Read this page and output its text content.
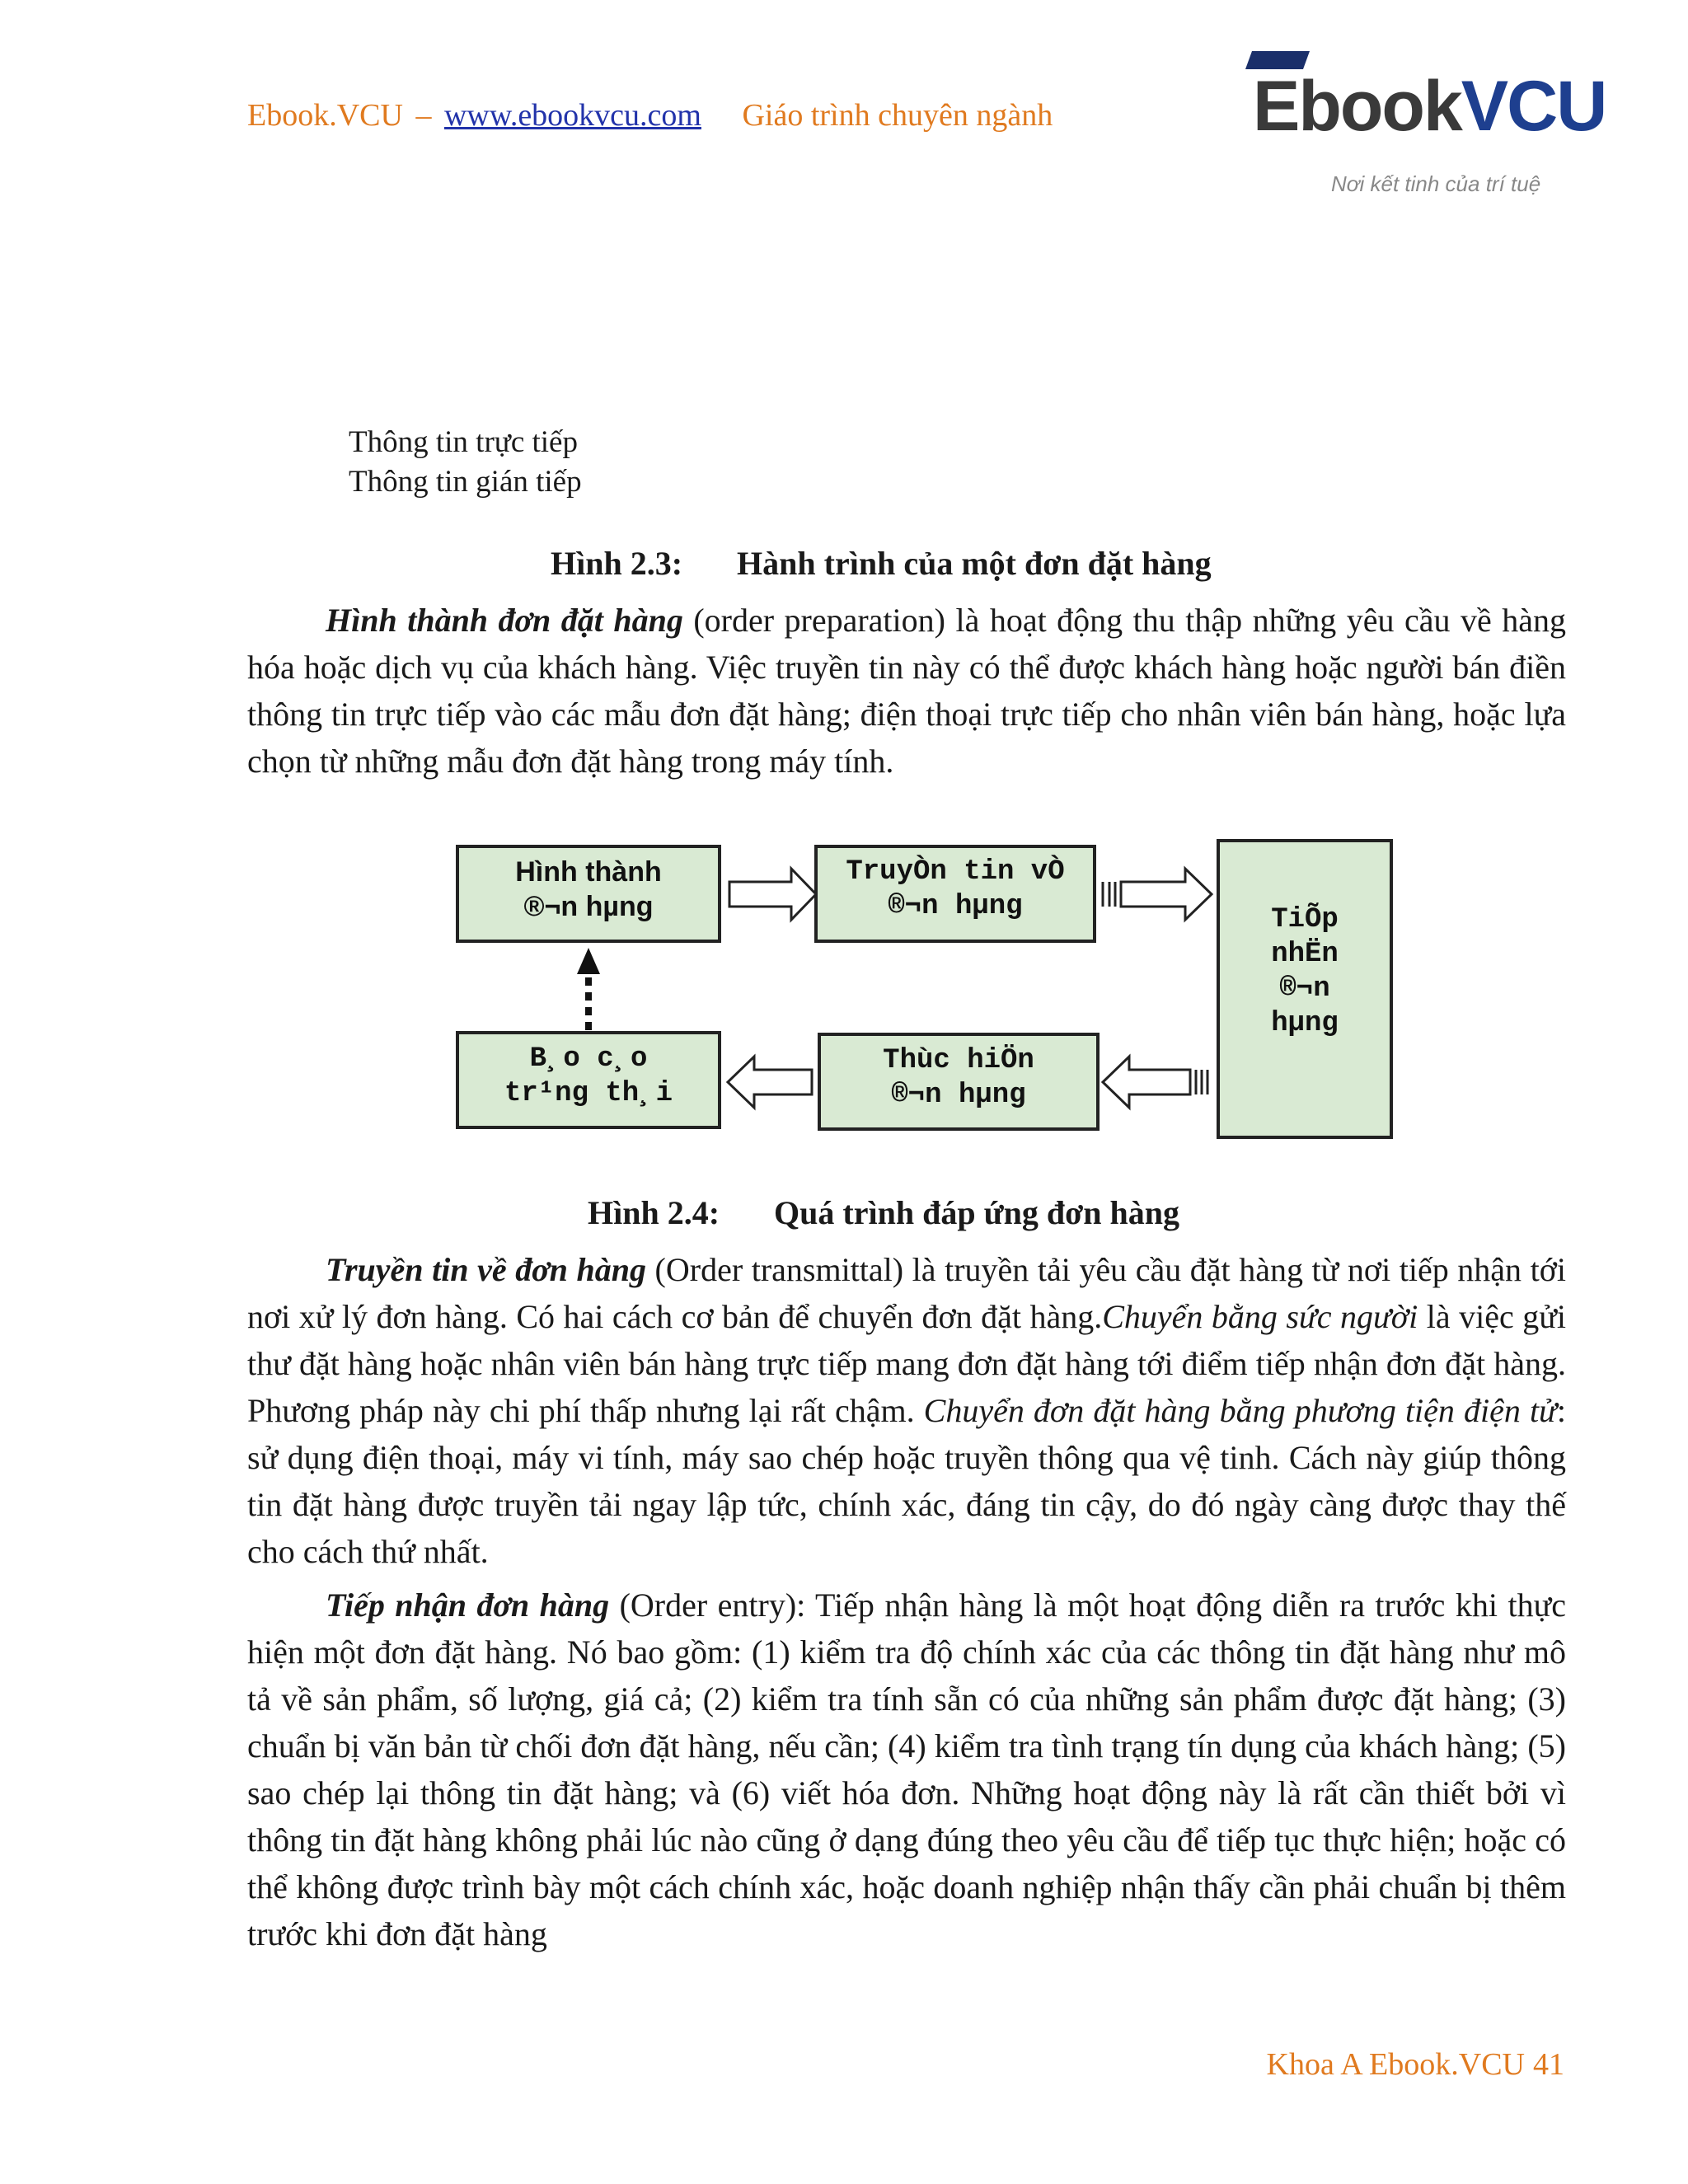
Ebook.VCU – www.ebookvcu.com Giáo trình chuyên ngành	EbookVCU
Nơi kết tinh của trí tuệ
Thông tin trực tiếp
Thông tin gián tiếp
Hình 2.3: Hành trình của một đơn đặt hàng
Hình thành đơn đặt hàng (order preparation) là hoạt động thu thập những yêu cầu về hàng hóa hoặc dịch vụ của khách hàng. Việc truyền tin này có thể được khách hàng hoặc người bán điền thông tin trực tiếp vào các mẫu đơn đặt hàng; điện thoại trực tiếp cho nhân viên bán hàng, hoặc lựa chọn từ những mẫu đơn đặt hàng trong máy tính.
Hình thành
®¬n hµng
TruyÒn tin vÒ
®¬n hµng	TiÕp
nhËn
®¬n
hµng
Thùc hiÖn
®¬n hµng
B¸o c¸o
tr¹ng th¸i
Hình 2.4: Quá trình đáp ứng đơn hàng
Truyền tin về đơn hàng (Order transmittal) là truyền tải yêu cầu đặt hàng từ nơi tiếp nhận tới nơi xử lý đơn hàng. Có hai cách cơ bản để chuyển đơn đặt hàng.Chuyển bằng sức người là việc gửi thư đặt hàng hoặc nhân viên bán hàng trực tiếp mang đơn đặt hàng tới điểm tiếp nhận đơn đặt hàng. Phương pháp này chi phí thấp nhưng lại rất chậm. Chuyển đơn đặt hàng bằng phương tiện điện tử: sử dụng điện thoại, máy vi tính, máy sao chép hoặc truyền thông qua vệ tinh. Cách này giúp thông tin đặt hàng được truyền tải ngay lập tức, chính xác, đáng tin cậy, do đó ngày càng được thay thế cho cách thứ nhất.
Tiếp nhận đơn hàng (Order entry): Tiếp nhận hàng là một hoạt động diễn ra trước khi thực hiện một đơn đặt hàng. Nó bao gồm: (1) kiểm tra độ chính xác của các thông tin đặt hàng như mô tả về sản phẩm, số lượng, giá cả; (2) kiểm tra tính sẵn có của những sản phẩm được đặt hàng; (3) chuẩn bị văn bản từ chối đơn đặt hàng, nếu cần; (4) kiểm tra tình trạng tín dụng của khách hàng; (5) sao chép lại thông tin đặt hàng; và (6) viết hóa đơn. Những hoạt động này là rất cần thiết bởi vì thông tin đặt hàng không phải lúc nào cũng ở dạng đúng theo yêu cầu để tiếp tục thực hiện; hoặc có thể không được trình bày một cách chính xác, hoặc doanh nghiệp nhận thấy cần phải chuẩn bị thêm trước khi đơn đặt hàng
Khoa A Ebook.VCU 41
